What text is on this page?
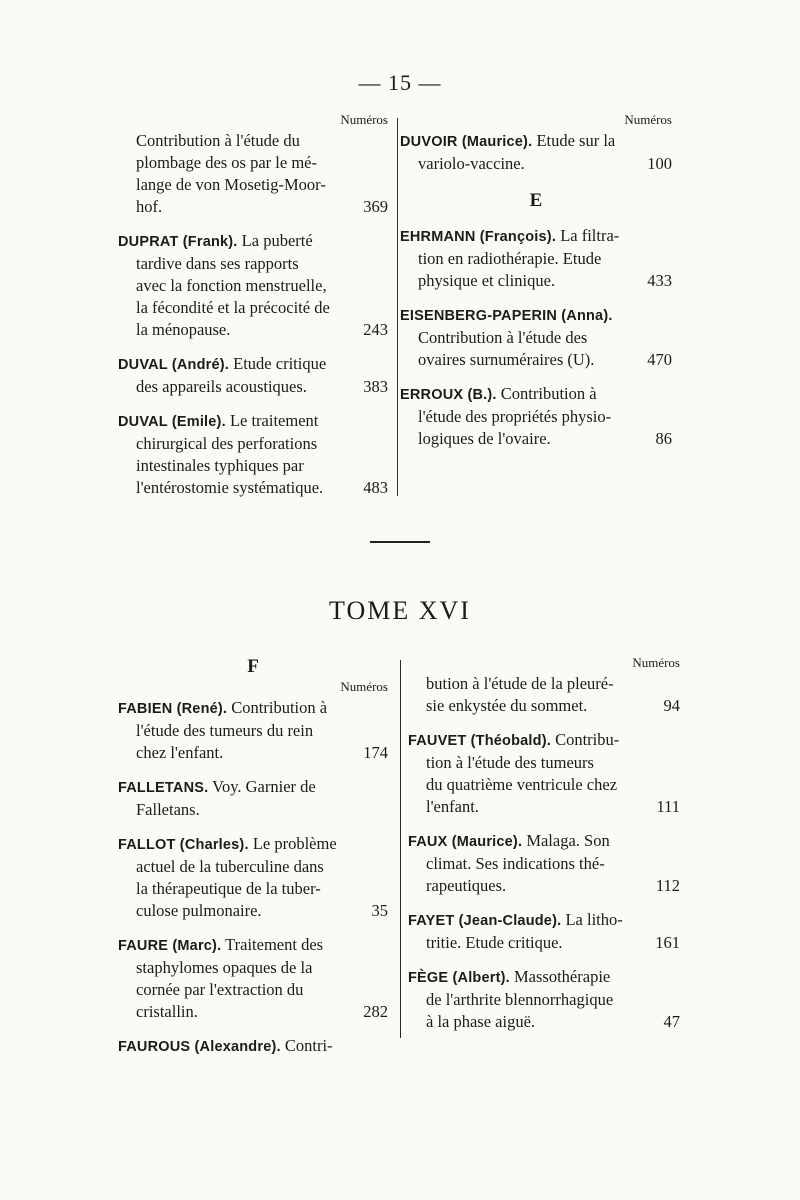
— 15 —
Numéros
Contribution à l'étude du
plombage des os par le mé-
lange de von Mosetig-Moor-
hof.	369
DUPRAT (Frank). La puberté
tardive dans ses rapports
avec la fonction menstruelle,
la fécondité et la précocité de
la ménopause.	243
DUVAL (André). Etude critique
des appareils acoustiques.	383
DUVAL (Emile). Le traitement
chirurgical des perforations
intestinales typhiques par
l'entérostomie systématique. 483
Numéros
DUVOIR (Maurice). Etude sur la
variolo-vaccine.	100
E
EHRMANN (François). La filtra-
tion en radiothérapie. Etude
physique et clinique.	433
EISENBERG-PAPERIN (Anna).
Contribution à l'étude des
ovaires surnuméraires (U).	470
ERROUX (B.). Contribution à
l'étude des propriétés physio-
logiques de l'ovaire.	86
TOME XVI
F
Numéros
FABIEN (René). Contribution à
l'étude des tumeurs du rein
chez l'enfant.	174
FALLETANS. Voy. Garnier de
Falletans.
FALLOT (Charles). Le problème
actuel de la tuberculine dans
la thérapeutique de la tuber-
culose pulmonaire.	35
FAURE (Marc). Traitement des
staphylomes opaques de la
cornée par l'extraction du
cristallin.	282
FAUROUS (Alexandre). Contri-
Numéros
bution à l'étude de la pleuré-
sie enkystée du sommet.	94
FAUVET (Théobald). Contribu-
tion à l'étude des tumeurs
du quatrième ventricule chez
l'enfant.	111
FAUX (Maurice). Malaga. Son
climat. Ses indications thé-
rapeutiques.	112
FAYET (Jean-Claude). La litho-
tritie. Etude critique.	161
FÈGE (Albert). Massothérapie
de l'arthrite blennorrhagique
à la phase aiguë.	47
